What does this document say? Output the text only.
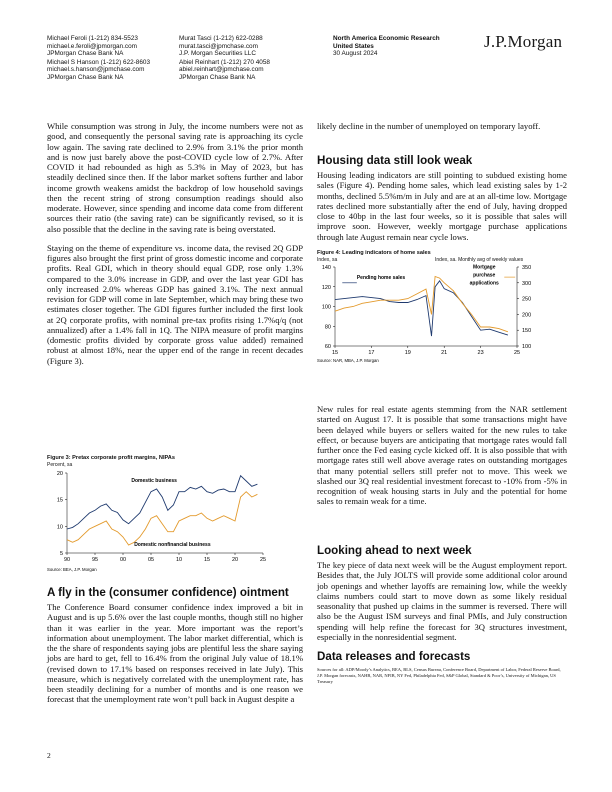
Michael Feroli (1-212) 834-5523
michael.e.feroli@jpmorgan.com
JPMorgan Chase Bank NA
Michael S Hanson (1-212) 622-8603
michael.s.hanson@jpmchase.com
JPMorgan Chase Bank NA
Murat Tasci (1-212) 622-0288
murat.tasci@jpmchase.com
J.P. Morgan Securities LLC
Abiel Reinhart (1-212) 270 4058
abiel.reinhart@jpmchase.com
JPMorgan Chase Bank NA
North America Economic Research
United States
30 August 2024
J.P.Morgan

While consumption was strong in July, the income numbers were not as good, and consequently the personal saving rate is approaching its cycle low again. The saving rate declined to 2.9% from 3.1% the prior month and is now just barely above the post-COVID cycle low of 2.7%. After COVID it had rebounded as high as 5.3% in May of 2023, but has steadily declined since then. If the labor market softens further and labor income growth weakens amidst the backdrop of low household savings then the recent string of strong consumption readings should also moderate. However, since spending and income data come from different sources their ratio (the saving rate) can be significantly revised, so it is also possible that the decline in the saving rate is being overstated.

Staying on the theme of expenditure vs. income data, the revised 2Q GDP figures also brought the first print of gross domestic income and corporate profits. Real GDI, which in theory should equal GDP, rose only 1.3% compared to the 3.0% increase in GDP, and over the last year GDI has only increased 2.0% whereas GDP has gained 3.1%. The next annual revision for GDP will come in late September, which may bring these two estimates closer together. The GDI figures further included the first look at 2Q corporate profits, with nominal pre-tax profits rising 1.7%q/q (not annualized) after a 1.4% fall in 1Q. The NIPA measure of profit margins (domestic profits divided by corporate gross value added) remained robust at almost 18%, near the upper end of the range in recent decades (Figure 3).

Figure 3: Pretax corporate profit margins, NIPAs
Percent, sa
5
10
15
20
90	95	00	05	10	15	20	25
Domestic business
Domestic nonfinancial business
Source: BEA, J.P. Morgan
A fly in the (consumer confidence) ointment

The Conference Board consumer confidence index improved a bit in August and is up 5.6% over the last couple months, though still no higher than it was earlier in the year. More important was the report’s information about unemployment. The labor market differential, which is the the share of respondents saying jobs are plentiful less the share saying jobs are hard to get, fell to 16.4% from the original July value of 18.1% (revised down to 17.1% based on responses received in late July). This measure, which is negatively correlated with the unemployment rate, has been steadily declining for a number of months and is one reason we forecast that the unemployment rate won’t pull back in August despite a

likely decline in the number of unemployed on temporary layoff.

Housing data still look weak

Housing leading indicators are still pointing to subdued existing home sales (Figure 4). Pending home sales, which lead existing sales by 1-2 months, declined 5.5%m/m in July and are at an all-time low. Mortgage rates declined more substantially after the end of July, having dropped close to 40bp in the last four weeks, so it is possible that sales will improve soon. However, weekly mortgage purchase applications through late August remain near cycle lows.

Figure 4: Leading indicators of home sales
Index, sa	Index, sa. Monthly avg of weekly values
60
80
100
120
140
100
150
200
250
300
350
15	17	19	21	23	25
Pending home sales
Mortgage
purchase
applications
Source: NAR, MBA, J.P. Morgan

New rules for real estate agents stemming from the NAR settlement started on August 17. It is possible that some transactions might have been delayed while buyers or sellers waited for the new rules to take effect, or because buyers are anticipating that mortgage rates would fall further once the Fed easing cycle kicked off. It is also possible that with mortgage rates still well above average rates on outstanding mortgages that many potential sellers still prefer not to move. This week we slashed our 3Q real residential investment forecast to -10% from -5% in recognition of weak housing starts in July and the potential for home sales to remain weak for a time.

Looking ahead to next week

The key piece of data next week will be the August employment report. Besides that, the July JOLTS will provide some additional color around job openings and whether layoffs are remaining low, while the weekly claims numbers could start to move down as some likely residual seasonality that pushed up claims in the summer is reversed. There will also be the August ISM surveys and final PMIs, and July construction spending will help refine the forecast for 3Q structures investment, especially in the nonresidential segment.

Data releases and forecasts
Sources for all: ADP/Moody’s Analytics, BEA, BLS, Census Bureau, Conference Board, Department of Labor, Federal Reserve Board, J.P. Morgan forecasts, NAHB, NAR, NFIB, NY Fed, Philadelphia Fed, S&P Global, Standard & Poor’s, University of Michigan, US Treasury
2
